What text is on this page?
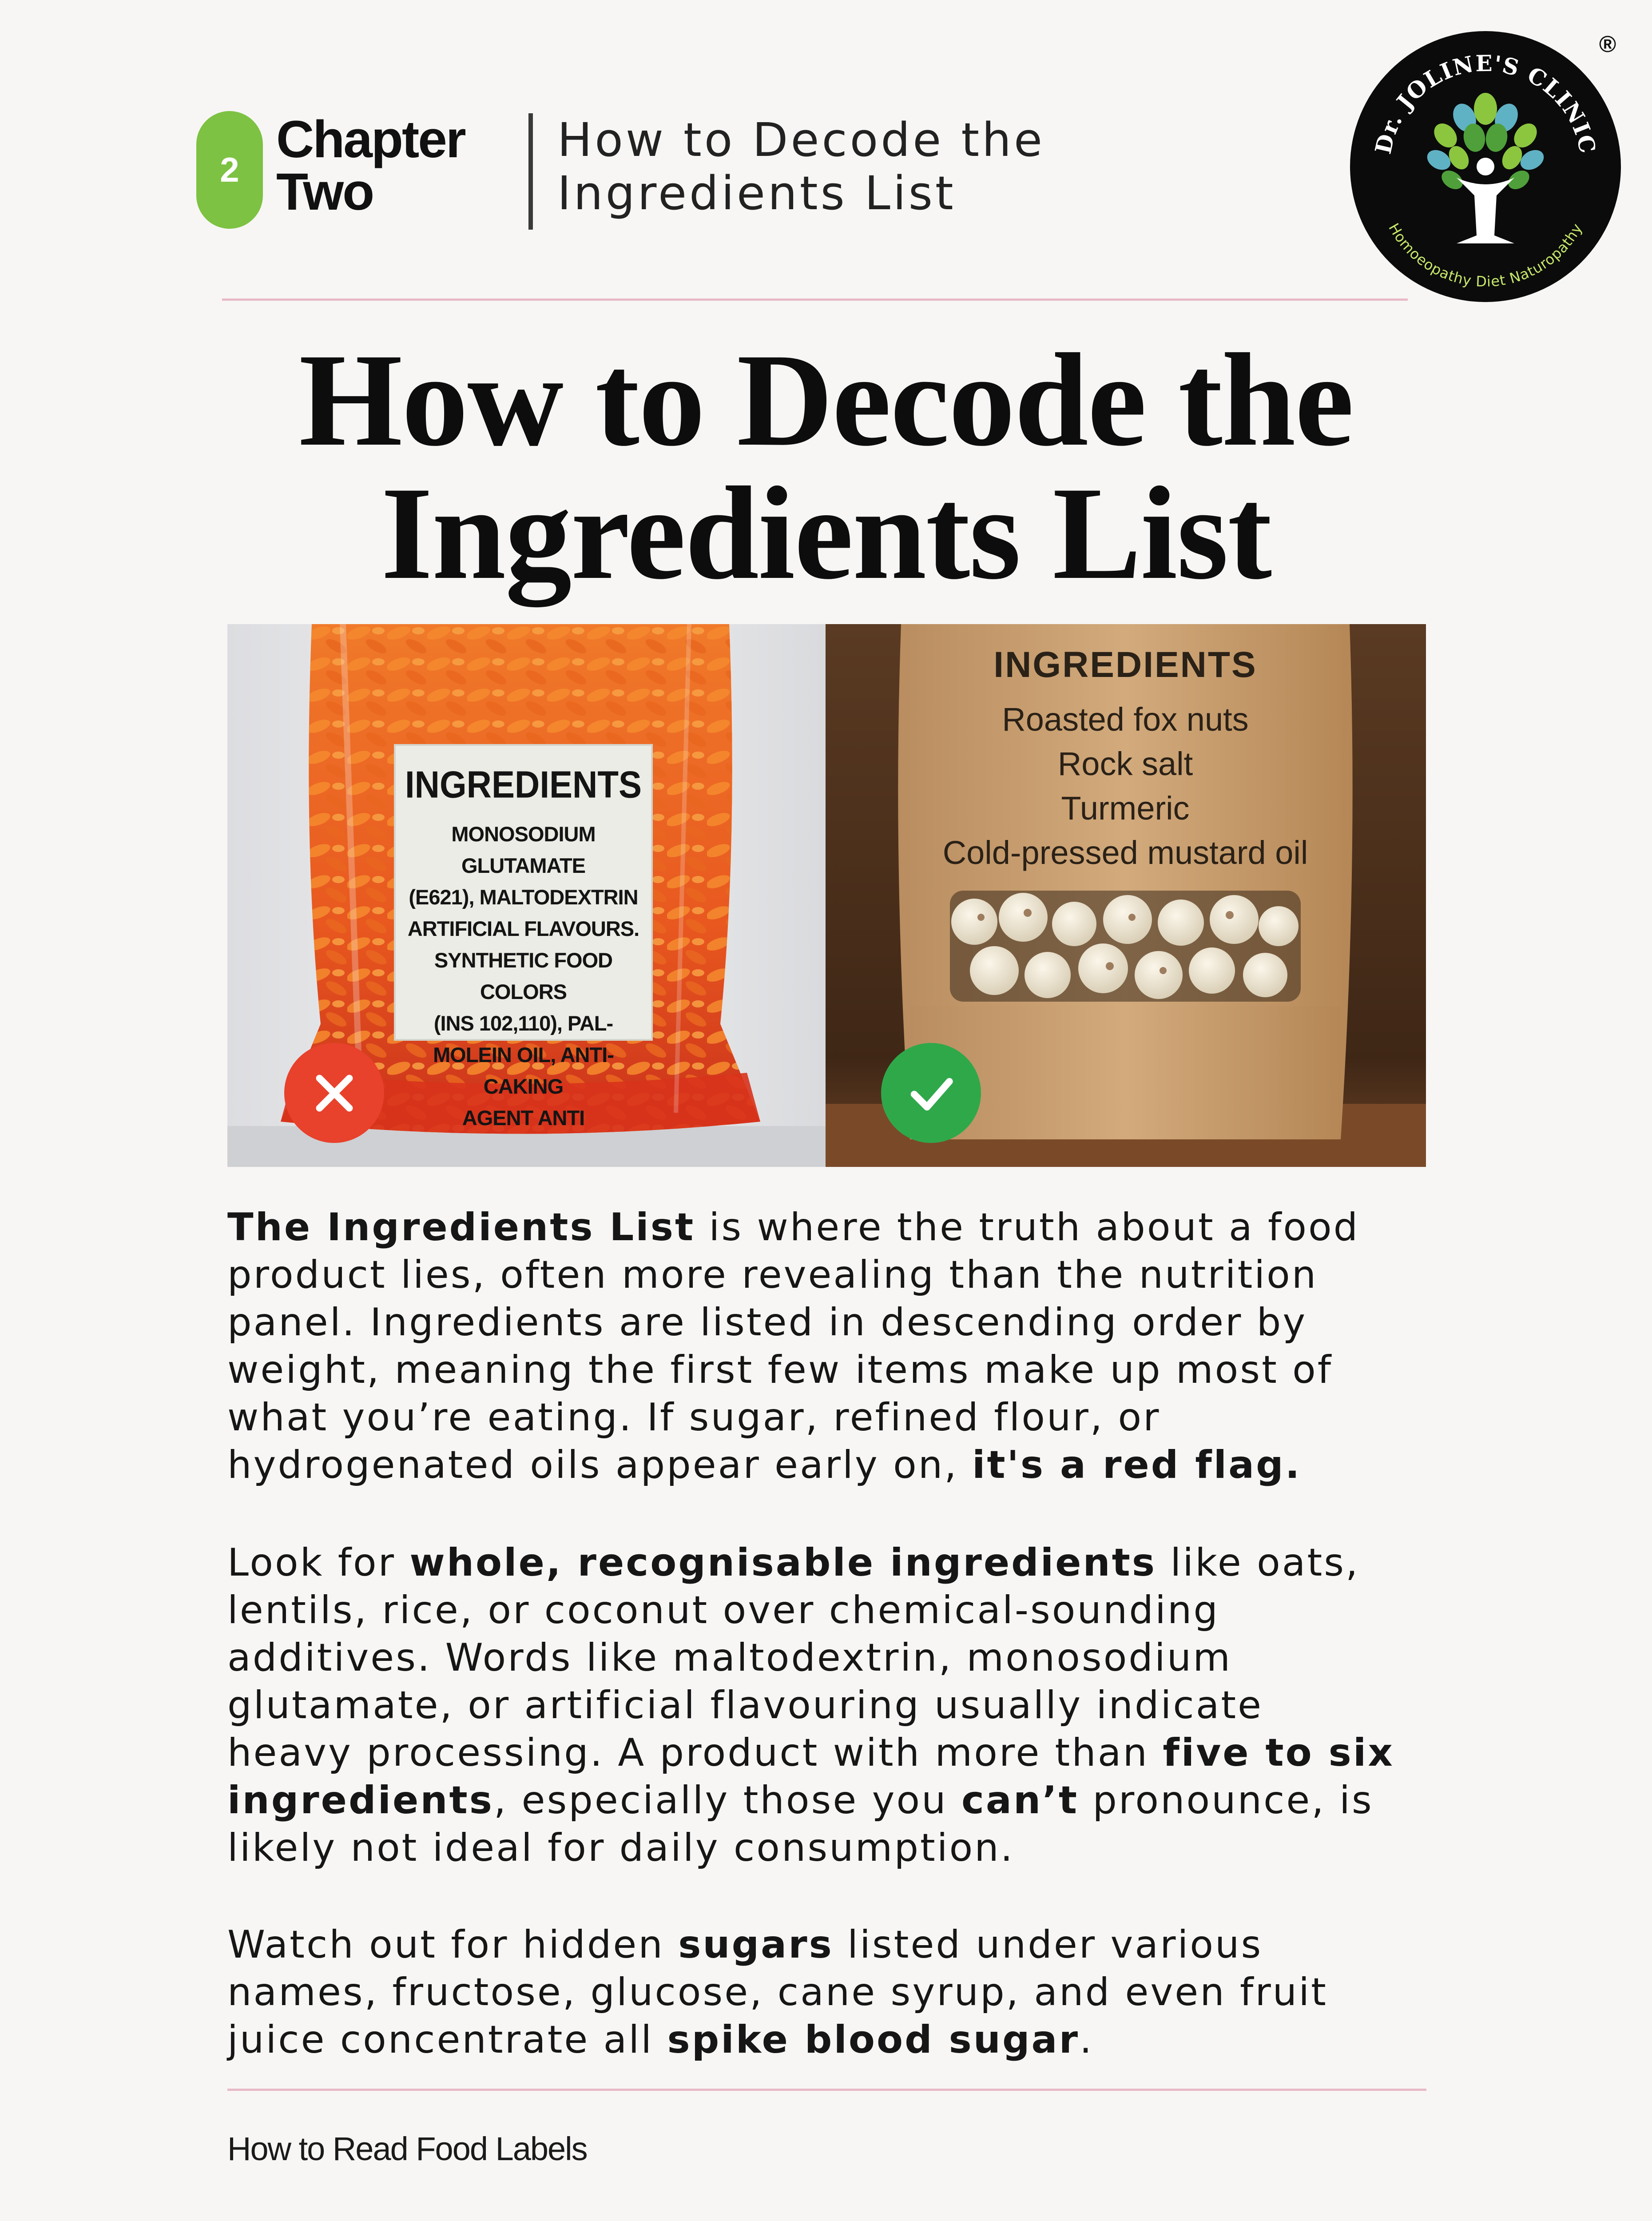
2
Chapter
Two
How to Decode the
Ingredients List
Dr. JOLINE'S CLINIC
Homoeopathy Diet Naturopathy
®
How to Decode the
Ingredients List
INGREDIENTS
MONOSODIUM GLUTAMATE
(E621), MALTODEXTRIN
ARTIFICIAL FLAVOURS.
SYNTHETIC FOOD COLORS
(INS 102,110), PAL-
MOLEIN OIL, ANTI-CAKING
AGENT ANTI
INGREDIENTS
Roasted fox nuts
Rock salt
Turmeric
Cold-pressed mustard oil
The Ingredients List is where the truth about a food
product lies, often more revealing than the nutrition
panel. Ingredients are listed in descending order by
weight, meaning the first few items make up most of
what you’re eating. If sugar, refined flour, or
hydrogenated oils appear early on, it's a red flag.
Look for whole, recognisable ingredients like oats,
lentils, rice, or coconut over chemical-sounding
additives. Words like maltodextrin, monosodium
glutamate, or artificial flavouring usually indicate
heavy processing. A product with more than five to six
ingredients, especially those you can’t pronounce, is
likely not ideal for daily consumption.
Watch out for hidden sugars listed under various
names, fructose, glucose, cane syrup, and even fruit
juice concentrate all spike blood sugar.
How to Read Food Labels
